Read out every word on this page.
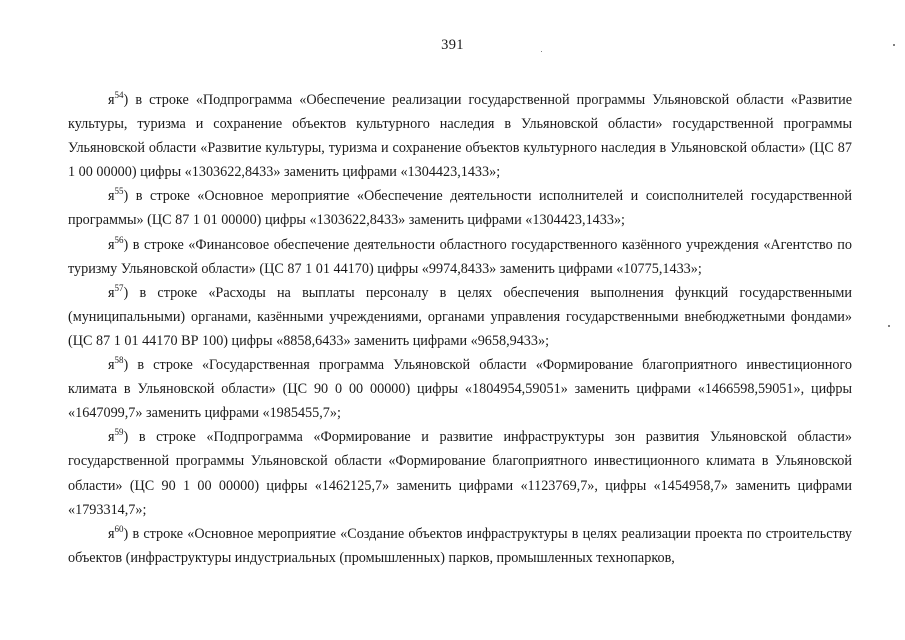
391

$я^{54}$) в строке «Подпрограмма «Обеспечение реализации государственной программы Ульяновской области «Развитие культуры, туризма и сохранение объектов культурного наследия в Ульяновской области» государственной программы Ульяновской области «Развитие культуры, туризма и сохранение объектов культурного наследия в Ульяновской области» (ЦС 87 1 00 00000) цифры «1303622,8433» заменить цифрами «1304423,1433»;

$я^{55}$) в строке «Основное мероприятие «Обеспечение деятельности исполнителей и соисполнителей государственной программы» (ЦС 87 1 01 00000) цифры «1303622,8433» заменить цифрами «1304423,1433»;

$я^{56}$) в строке «Финансовое обеспечение деятельности областного государственного казённого учреждения «Агентство по туризму Ульяновской области» (ЦС 87 1 01 44170) цифры «9974,8433» заменить цифрами «10775,1433»;

$я^{57}$) в строке «Расходы на выплаты персоналу в целях обеспечения выполнения функций государственными (муниципальными) органами, казёнными учреждениями, органами управления государственными внебюджетными фондами» (ЦС 87 1 01 44170 ВР 100) цифры «8858,6433» заменить цифрами «9658,9433»;

$я^{58}$) в строке «Государственная программа Ульяновской области «Формирование благоприятного инвестиционного климата в Ульяновской области» (ЦС 90 0 00 00000) цифры «1804954,59051» заменить цифрами «1466598,59051», цифры «1647099,7» заменить цифрами «1985455,7»;

$я^{59}$) в строке «Подпрограмма «Формирование и развитие инфраструктуры зон развития Ульяновской области» государственной программы Ульяновской области «Формирование благоприятного инвестиционного климата в Ульяновской области» (ЦС 90 1 00 00000) цифры «1462125,7» заменить цифрами «1123769,7», цифры «1454958,7» заменить цифрами «1793314,7»;

$я^{60}$) в строке «Основное мероприятие «Создание объектов инфраструктуры в целях реализации проекта по строительству объектов (инфраструктуры индустриальных (промышленных) парков, промышленных технопарков,
